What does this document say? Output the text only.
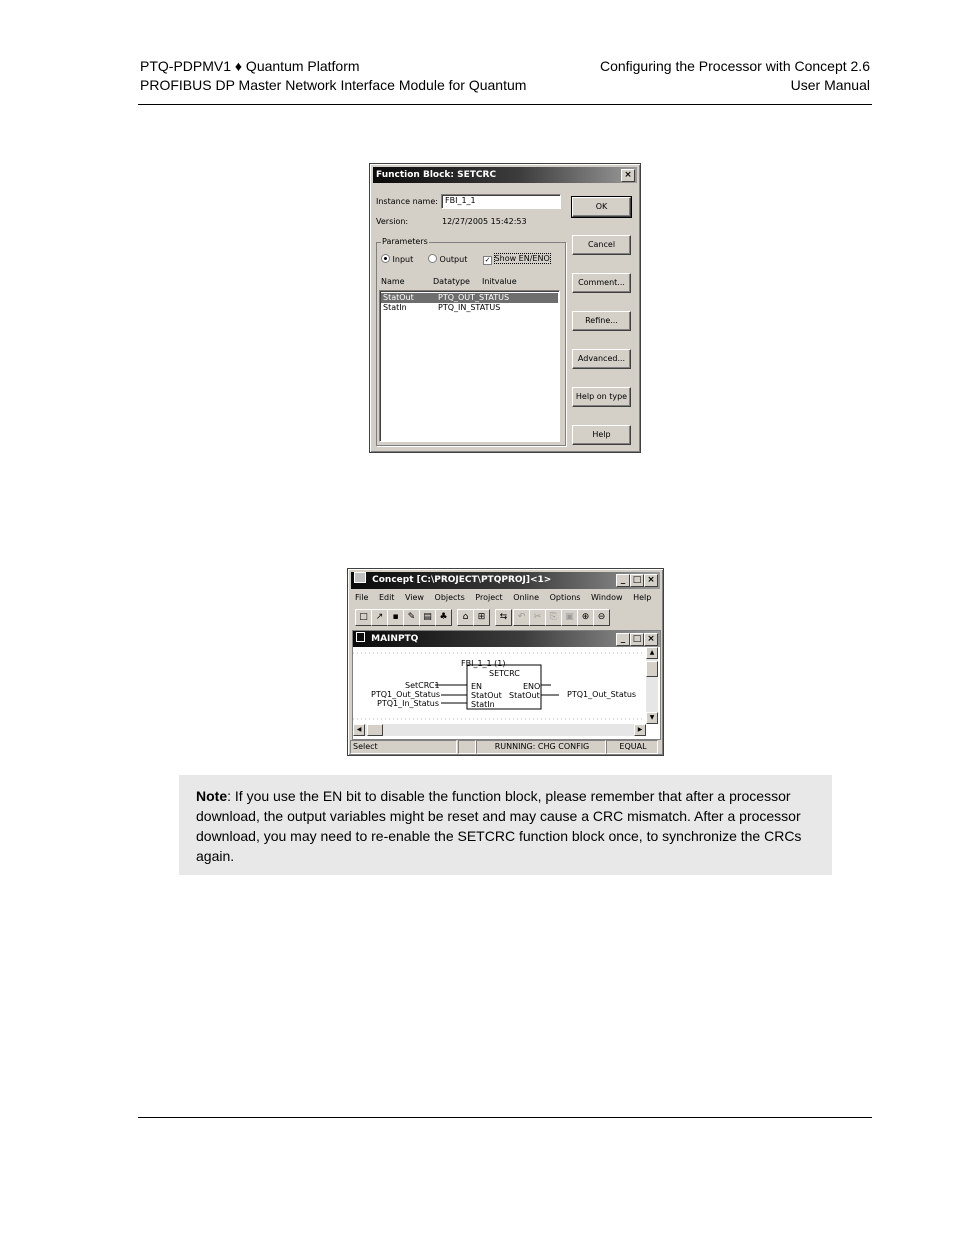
PTQ-PDPMV1 ♦ Quantum Platform
PROFIBUS DP Master Network Interface Module for Quantum
Configuring the Processor with Concept 2.6
User Manual
Function Block: SETCRC	×
Instance name: FBI_1_1
Version:	12/27/2005 15:42:53
Parameters
Input	Output ✓ Show EN/ENO
Name	Datatype Initvalue
StatOut	PTQ_OUT_STATUS
StatIn	PTQ_IN_STATUS
OK
Cancel
Comment...
Refine...
Advanced...
Help on type
Help
Concept [C:\PROJECT\PTQPROJ]<1>	_ □ ×
File Edit View Objects Project Online Options Window Help
□ ↗	▪	✎ ▤ ♣	⌂	⊞	⇆	↶ ✂ ⎘ ▣ ⊕ ⊖
MAINPTQ	_ □ ×
FBI_1_1 (1)
SETCRC
EN	ENO
StatOut StatOut
StatIn
SetCRC1
PTQ1_Out_Status
PTQ1_In_Status
PTQ1_Out_Status
▲
▼
◀	▶
Select	RUNNING: CHG CONFIG	EQUAL
Note: If you use the EN bit to disable the function block, please remember that after a processor download, the output variables might be reset and may cause a CRC mismatch. After a processor download, you may need to re-enable the SETCRC function block once, to synchronize the CRCs again.
